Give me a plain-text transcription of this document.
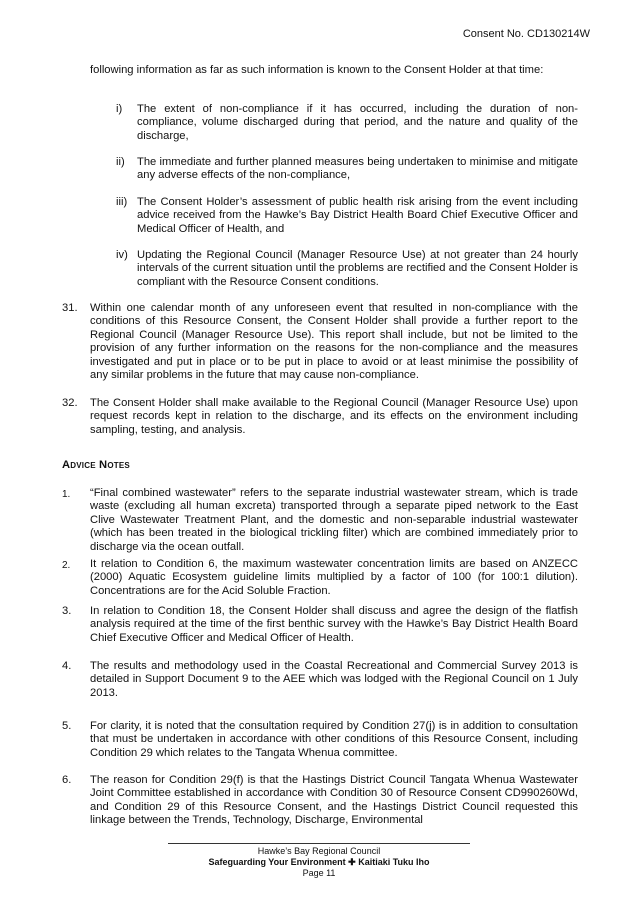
Consent No. CD130214W

following information as far as such information is known to the Consent Holder at that time:

i) The extent of non-compliance if it has occurred, including the duration of non-compliance, volume discharged during that period, and the nature and quality of the discharge,

ii) The immediate and further planned measures being undertaken to minimise and mitigate any adverse effects of the non-compliance,

iii) The Consent Holder’s assessment of public health risk arising from the event including advice received from the Hawke’s Bay District Health Board Chief Executive Officer and Medical Officer of Health, and

iv) Updating the Regional Council (Manager Resource Use) at not greater than 24 hourly intervals of the current situation until the problems are rectified and the Consent Holder is compliant with the Resource Consent conditions.

31. Within one calendar month of any unforeseen event that resulted in non-compliance with the conditions of this Resource Consent, the Consent Holder shall provide a further report to the Regional Council (Manager Resource Use). This report shall include, but not be limited to the provision of any further information on the reasons for the non-compliance and the measures investigated and put in place or to be put in place to avoid or at least minimise the possibility of any similar problems in the future that may cause non-compliance.

32. The Consent Holder shall make available to the Regional Council (Manager Resource Use) upon request records kept in relation to the discharge, and its effects on the environment including sampling, testing, and analysis.

Advice Notes
1. “Final combined wastewater” refers to the separate industrial wastewater stream, which is trade waste (excluding all human excreta) transported through a separate piped network to the East Clive Wastewater Treatment Plant, and the domestic and non-separable industrial wastewater (which has been treated in the biological trickling filter) which are combined immediately prior to discharge via the ocean outfall.

2. It relation to Condition 6, the maximum wastewater concentration limits are based on ANZECC (2000) Aquatic Ecosystem guideline limits multiplied by a factor of 100 (for 100:1 dilution). Concentrations are for the Acid Soluble Fraction.

3. In relation to Condition 18, the Consent Holder shall discuss and agree the design of the flatfish analysis required at the time of the first benthic survey with the Hawke’s Bay District Health Board Chief Executive Officer and Medical Officer of Health.

4. The results and methodology used in the Coastal Recreational and Commercial Survey 2013 is detailed in Support Document 9 to the AEE which was lodged with the Regional Council on 1 July 2013.

5. For clarity, it is noted that the consultation required by Condition 27(j) is in addition to consultation that must be undertaken in accordance with other conditions of this Resource Consent, including Condition 29 which relates to the Tangata Whenua committee.

6. The reason for Condition 29(f) is that the Hastings District Council Tangata Whenua Wastewater Joint Committee established in accordance with Condition 30 of Resource Consent CD990260Wd, and Condition 29 of this Resource Consent, and the Hastings District Council requested this linkage between the Trends, Technology, Discharge, Environmental

Hawke’s Bay Regional Council
Safeguarding Your Environment ✚ Kaitiaki Tuku Iho
Page 11
